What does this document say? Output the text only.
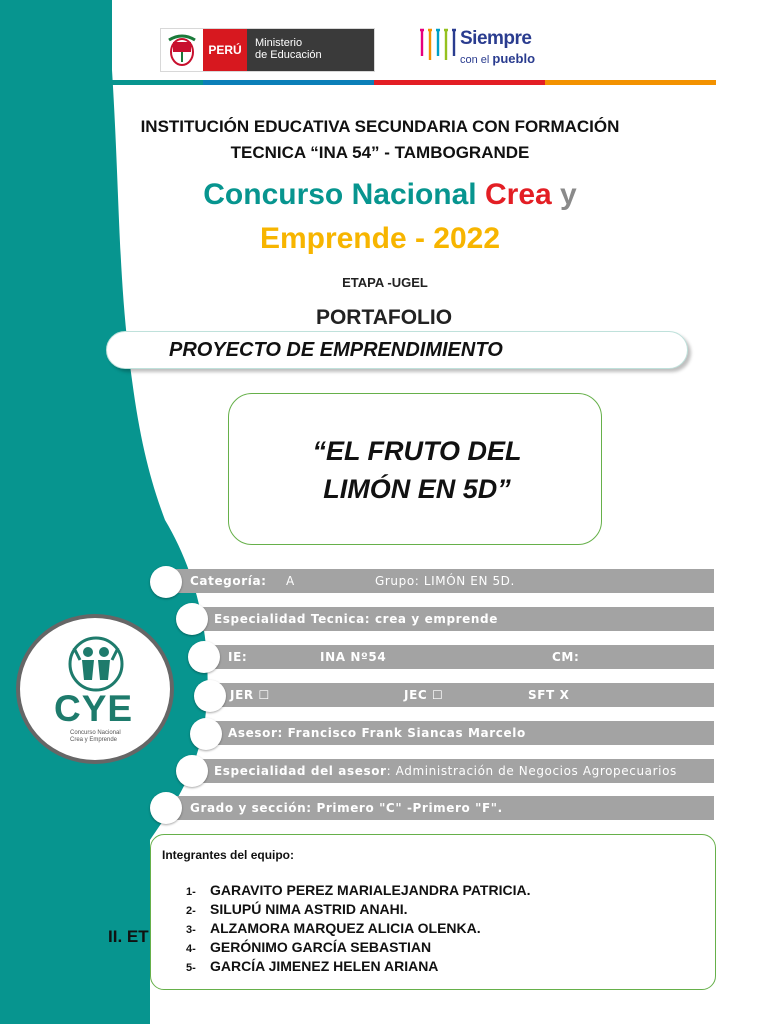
PERÚ	Ministerio
de Educación
Siempre
con el pueblo
INSTITUCIÓN EDUCATIVA SECUNDARIA CON FORMACIÓN
TECNICA “INA 54” - TAMBOGRANDE
Concurso Nacional Crea y
Emprende - 2022
ETAPA -UGEL
PORTAFOLIO
PROYECTO DE EMPRENDIMIENTO
“EL FRUTO DEL
LIMÓN EN 5D”
CYE
Concurso Nacional
Crea y Emprende
Categoría: A	Grupo: LIMÓN EN 5D.
Especialidad Tecnica: crea y emprende
IE:	INA Nº54	CM:
JER ☐	JEC ☐	SFT X
Asesor: Francisco Frank Siancas Marcelo
Especialidad del asesor: Administración de Negocios Agropecuarios
Grado y sección: Primero "C" -Primero "F".
II. ET
Integrantes del equipo:
1- GARAVITO PEREZ MARIALEJANDRA PATRICIA.
2- SILUPÚ NIMA ASTRID ANAHI.
3- ALZAMORA MARQUEZ ALICIA OLENKA.
4- GERÓNIMO GARCÍA SEBASTIAN
5- GARCÍA JIMENEZ HELEN ARIANA
